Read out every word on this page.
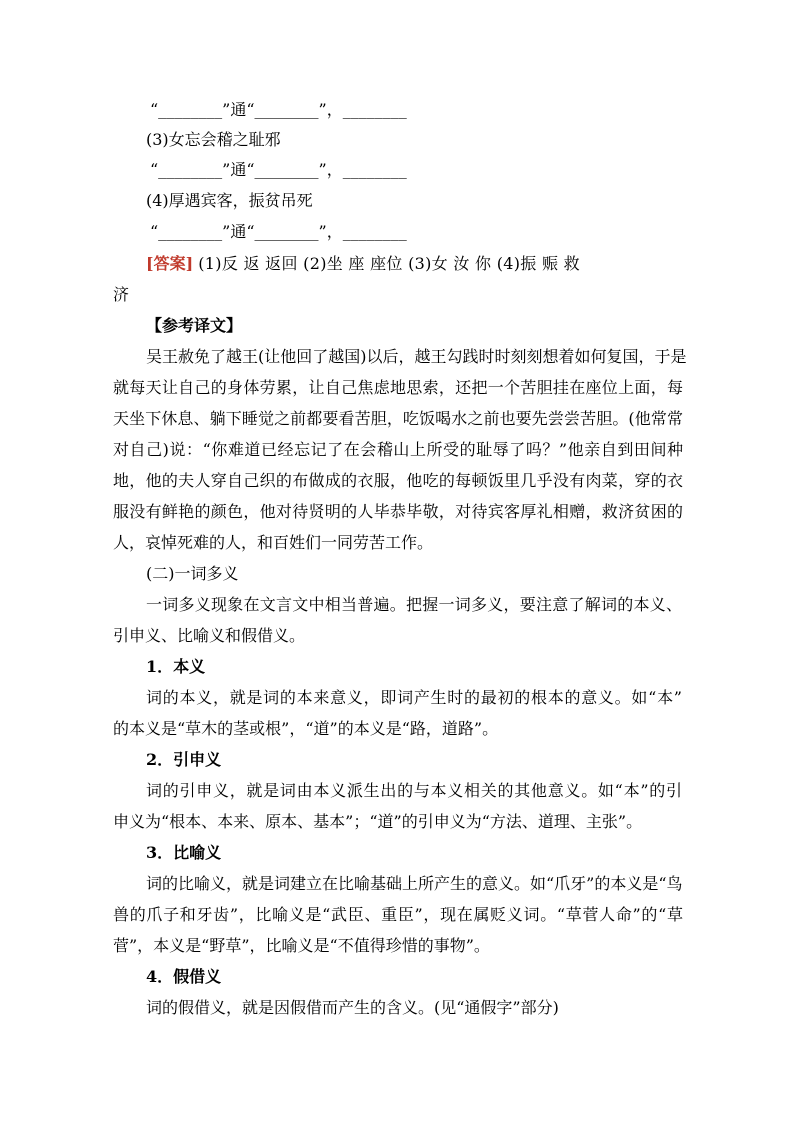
“________”通“________”，________
(3)女忘会稽之耻邪
“________”通“________”，________
(4)厚遇宾客，振贫吊死
“________”通“________”，________
[答案] (1)反 返 返回 (2)坐 座 座位 (3)女 汝 你 (4)振 赈 救
济
【参考译文】
吴王赦免了越王(让他回了越国)以后，越王勾践时时刻刻想着如何复国，于是
就每天让自己的身体劳累，让自己焦虑地思索，还把一个苦胆挂在座位上面，每
天坐下休息、躺下睡觉之前都要看苦胆，吃饭喝水之前也要先尝尝苦胆。(他常常
对自己)说：“你难道已经忘记了在会稽山上所受的耻辱了吗？”他亲自到田间种
地，他的夫人穿自己织的布做成的衣服，他吃的每顿饭里几乎没有肉菜，穿的衣
服没有鲜艳的颜色，他对待贤明的人毕恭毕敬，对待宾客厚礼相赠，救济贫困的
人，哀悼死难的人，和百姓们一同劳苦工作。
(二)一词多义
一词多义现象在文言文中相当普遍。把握一词多义，要注意了解词的本义、
引申义、比喻义和假借义。
1．本义
词的本义，就是词的本来意义，即词产生时的最初的根本的意义。如“本”
的本义是“草木的茎或根”，“道”的本义是“路，道路”。
2．引申义
词的引申义，就是词由本义派生出的与本义相关的其他意义。如“本”的引
申义为“根本、本来、原本、基本”；“道”的引申义为“方法、道理、主张”。
3．比喻义
词的比喻义，就是词建立在比喻基础上所产生的意义。如“爪牙”的本义是“鸟
兽的爪子和牙齿”，比喻义是“武臣、重臣”，现在属贬义词。“草菅人命”的“草
菅”，本义是“野草”，比喻义是“不值得珍惜的事物”。
4．假借义
词的假借义，就是因假借而产生的含义。(见“通假字”部分)
